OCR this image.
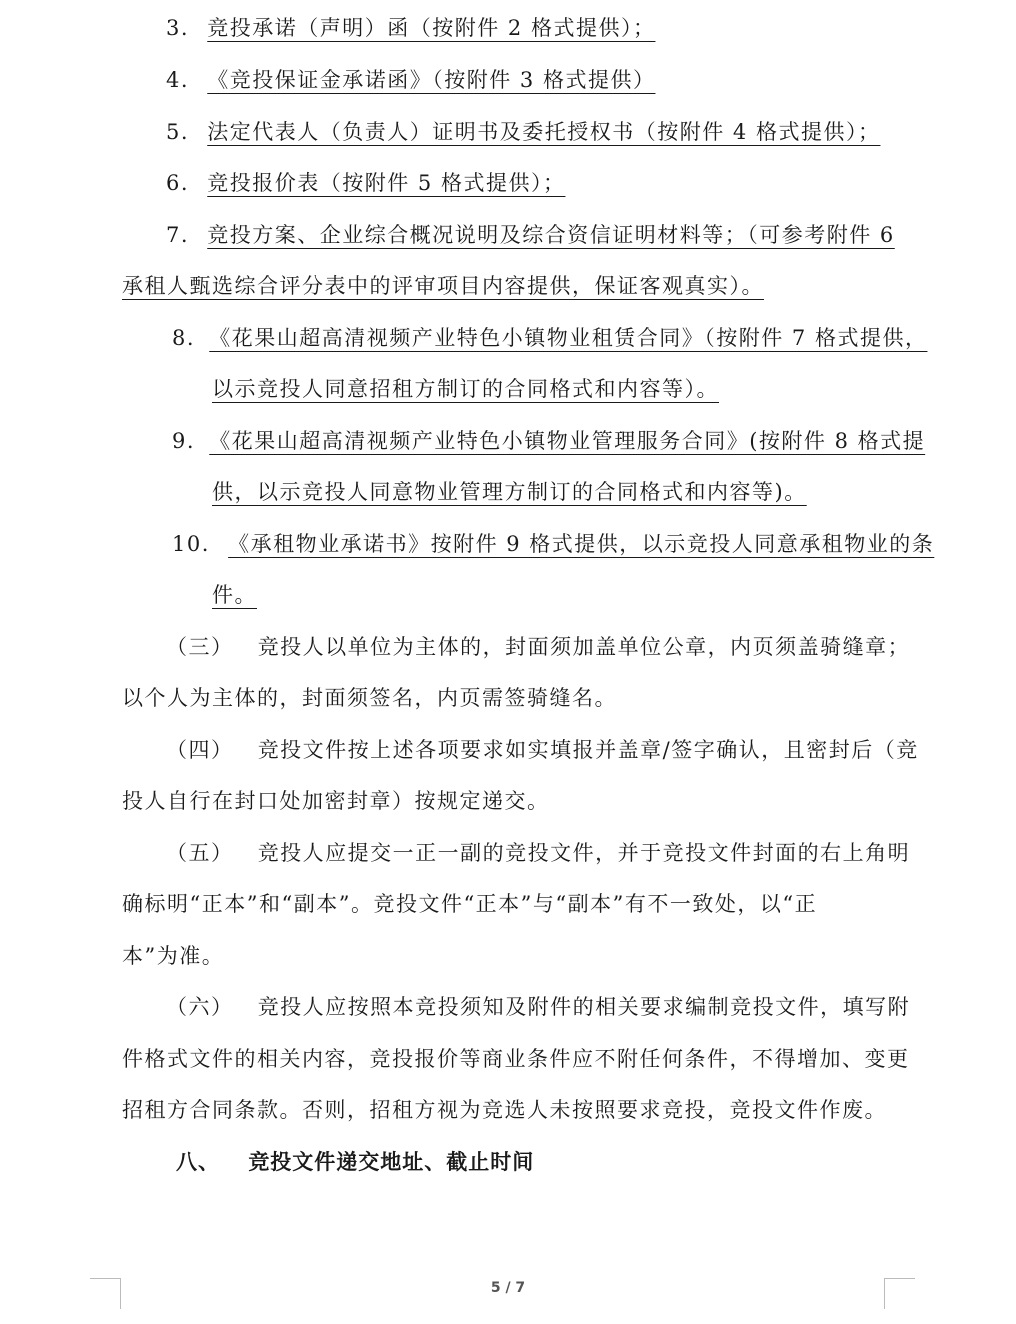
3. 竞投承诺（声明）函（按附件 2 格式提供）；
4. 《竞投保证金承诺函》（按附件 3 格式提供）
5. 法定代表人（负责人）证明书及委托授权书（按附件 4 格式提供）；
6. 竞投报价表（按附件 5 格式提供）；
7. 竞投方案、企业综合概况说明及综合资信证明材料等；（可参考附件 6
承租人甄选综合评分表中的评审项目内容提供，保证客观真实）。
8. 《花果山超高清视频产业特色小镇物业租赁合同》（按附件 7 格式提供，
以示竞投人同意招租方制订的合同格式和内容等）。
9. 《花果山超高清视频产业特色小镇物业管理服务合同》(按附件 8 格式提
供，以示竞投人同意物业管理方制订的合同格式和内容等)。
10. 《承租物业承诺书》按附件 9 格式提供，以示竞投人同意承租物业的条
件。
（三） 竞投人以单位为主体的，封面须加盖单位公章，内页须盖骑缝章；
以个人为主体的，封面须签名，内页需签骑缝名。
（四） 竞投文件按上述各项要求如实填报并盖章/签字确认，且密封后（竞
投人自行在封口处加密封章）按规定递交。
（五） 竞投人应提交一正一副的竞投文件，并于竞投文件封面的右上角明
确标明“正本”和“副本”。竞投文件“正本”与“副本”有不一致处，以“正
本”为准。
（六） 竞投人应按照本竞投须知及附件的相关要求编制竞投文件，填写附
件格式文件的相关内容，竞投报价等商业条件应不附任何条件，不得增加、变更
招租方合同条款。否则，招租方视为竞选人未按照要求竞投，竞投文件作废。
八、 竞投文件递交地址、截止时间
5 / 7
